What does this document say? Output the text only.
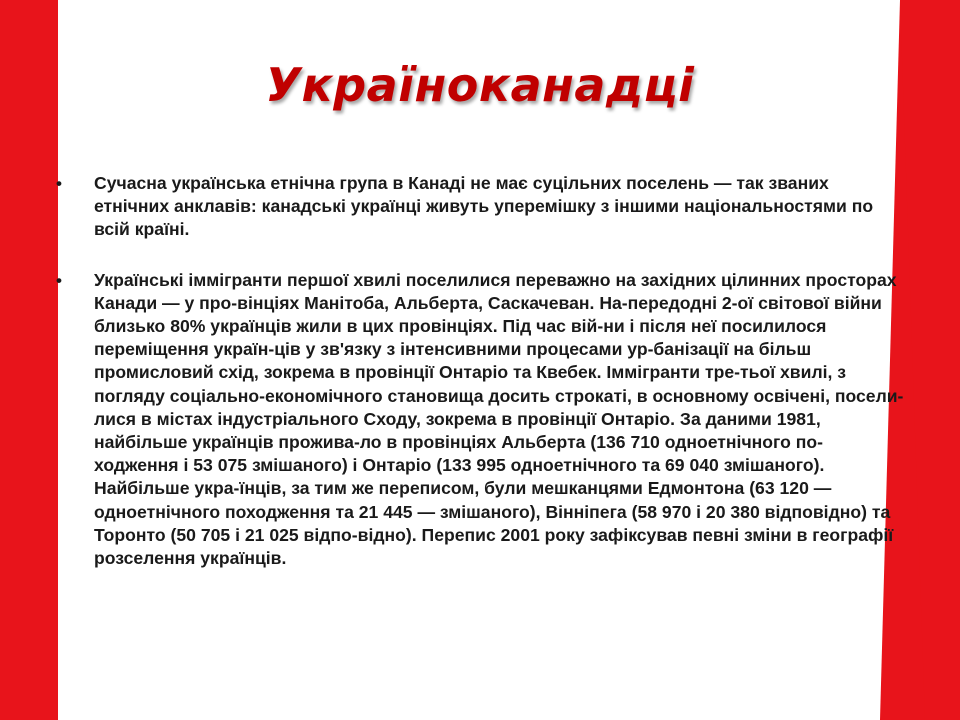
Україноканадці
• Сучасна українська етнічна група в Канаді не має суцільних поселень — так званих етнічних анклавів: канадські українці живуть уперемішку з іншими національностями по всій країні.
• Українські іммігранти першої хвилі поселилися переважно на західних цілинних просторах Канади — у про-вінціях Манітоба, Альберта, Саскачеван. На-передодні 2-ої світової війни близько 80% українців жили в цих провінціях. Під час вій-ни і після неї посилилося переміщення україн-ців у зв'язку з інтенсивними процесами ур-банізації на більш промисловий схід, зокрема в провінції Онтаріо та Квебек. Іммігранти тре-тьої хвилі, з погляду соціально-економічного становища досить строкаті, в основному освічені, посели-лися в містах індустріального Сходу, зокрема в провінції Онтаріо. За даними 1981, найбільше українців прожива-ло в провінціях Альберта (136 710 одноетнічного по-ходження і 53 075 змішаного) і Онтаріо (133 995 одноетнічного та 69 040 змішаного). Найбільше укра-їнців, за тим же переписом, були мешканцями Едмонтона (63 120 — одноетнічного походження та 21 445 — змішаного), Вінніпега (58 970 і 20 380 відповідно) та Торонто (50 705 і 21 025 відпо-відно). Перепис 2001 року зафіксував певні зміни в географії розселення українців.
